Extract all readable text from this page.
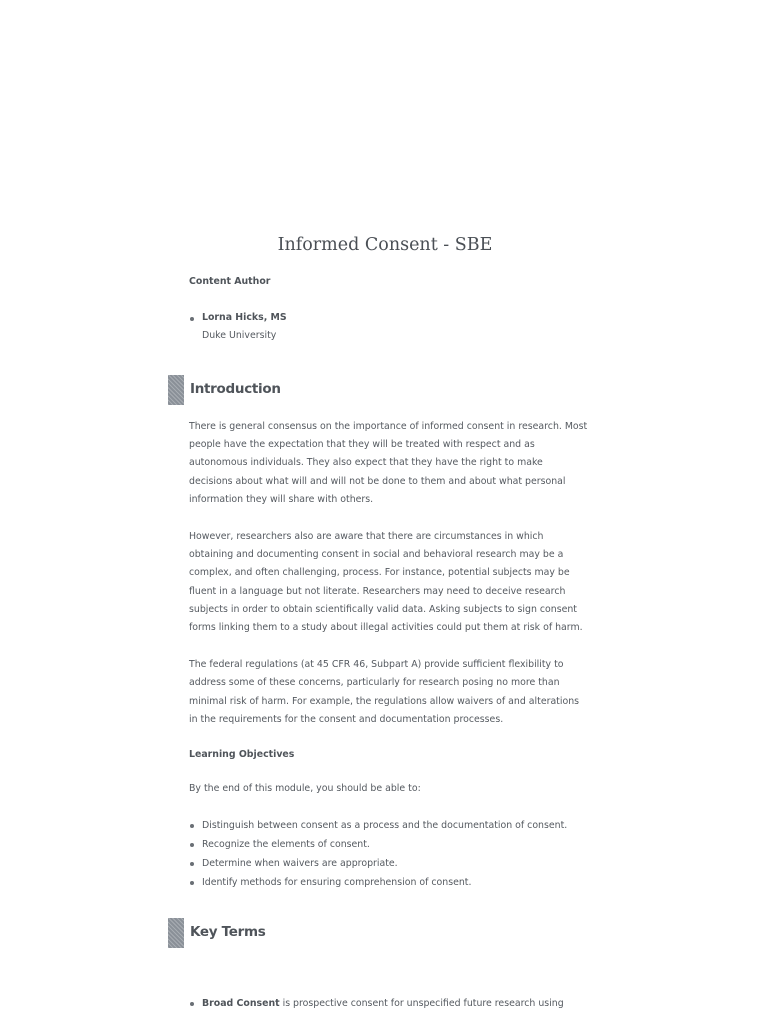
Informed Consent - SBE

Content Author

Lorna Hicks, MS
Duke University
Introduction

There is general consensus on the importance of informed consent in research. Most people have the expectation that they will be treated with respect and as autonomous individuals. They also expect that they have the right to make decisions about what will and will not be done to them and about what personal information they will share with others.

However, researchers also are aware that there are circumstances in which obtaining and documenting consent in social and behavioral research may be a complex, and often challenging, process. For instance, potential subjects may be fluent in a language but not literate. Researchers may need to deceive research subjects in order to obtain scientifically valid data. Asking subjects to sign consent forms linking them to a study about illegal activities could put them at risk of harm.

The federal regulations (at 45 CFR 46, Subpart A) provide sufficient flexibility to address some of these concerns, particularly for research posing no more than minimal risk of harm. For example, the regulations allow waivers of and alterations in the requirements for the consent and documentation processes.

Learning Objectives

By the end of this module, you should be able to:

Distinguish between consent as a process and the documentation of consent.
Recognize the elements of consent.
Determine when waivers are appropriate.
Identify methods for ensuring comprehension of consent.
Key Terms
Broad Consent is prospective consent for unspecified future research using
